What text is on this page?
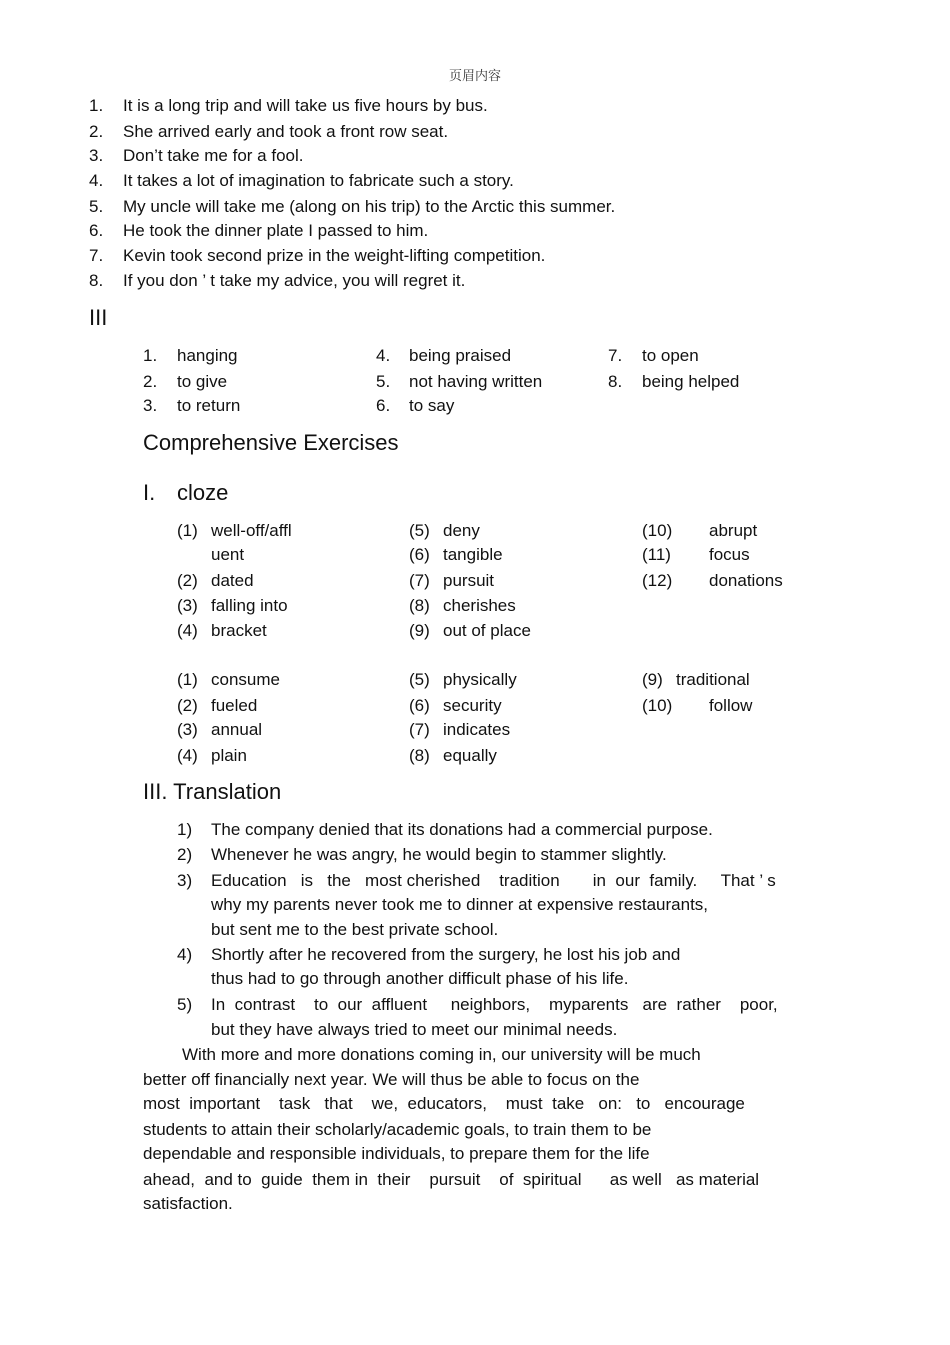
页眉内容
1. It is a long trip and will take us five hours by bus.
2. She arrived early and took a front row seat.
3. Don’t take me for a fool.
4. It takes a lot of imagination to fabricate such a story.
5. My uncle will take me (along on his trip) to the Arctic this summer.
6. He took the dinner plate I passed to him.
7. Kevin took second prize in the weight-lifting competition.
8. If you don ’ t take my advice, you will regret it.
III
1. hanging
2. to give
3. to return
4. being praised
5. not having written
6. to say
7. to open
8. being helped
Comprehensive Exercises
I. cloze
(1) well-off/affl
uent
(2) dated
(3) falling into
(4) bracket
(5) deny
(6) tangible
(7) pursuit
(8) cherishes
(9) out of place
(10) abrupt
(11) focus
(12) donations
(1) consume
(2) fueled
(3) annual
(4) plain
(5) physically
(6) security
(7) indicates
(8) equally
(9) traditional
(10) follow
III. Translation
1) The company denied that its donations had a commercial purpose.
2) Whenever he was angry, he would begin to stammer slightly.
3) Education   is   the   most cherished    tradition       in  our  family.     That ’ s
why my parents never took me to dinner at expensive restaurants,
but sent me to the best private school.
4) Shortly after he recovered from the surgery, he lost his job and
thus had to go through another difficult phase of his life.
5) In  contrast    to  our  affluent     neighbors,    myparents   are  rather    poor,
but they have always tried to meet our minimal needs.
With more and more donations coming in, our university will be much
better off financially next year. We will thus be able to focus on the
most  important    task   that    we,  educators,    must  take   on:   to   encourage
students to attain their scholarly/academic goals, to train them to be
dependable and responsible individuals, to prepare them for the life
ahead,  and to  guide  them in  their    pursuit    of  spiritual      as well   as material
satisfaction.
